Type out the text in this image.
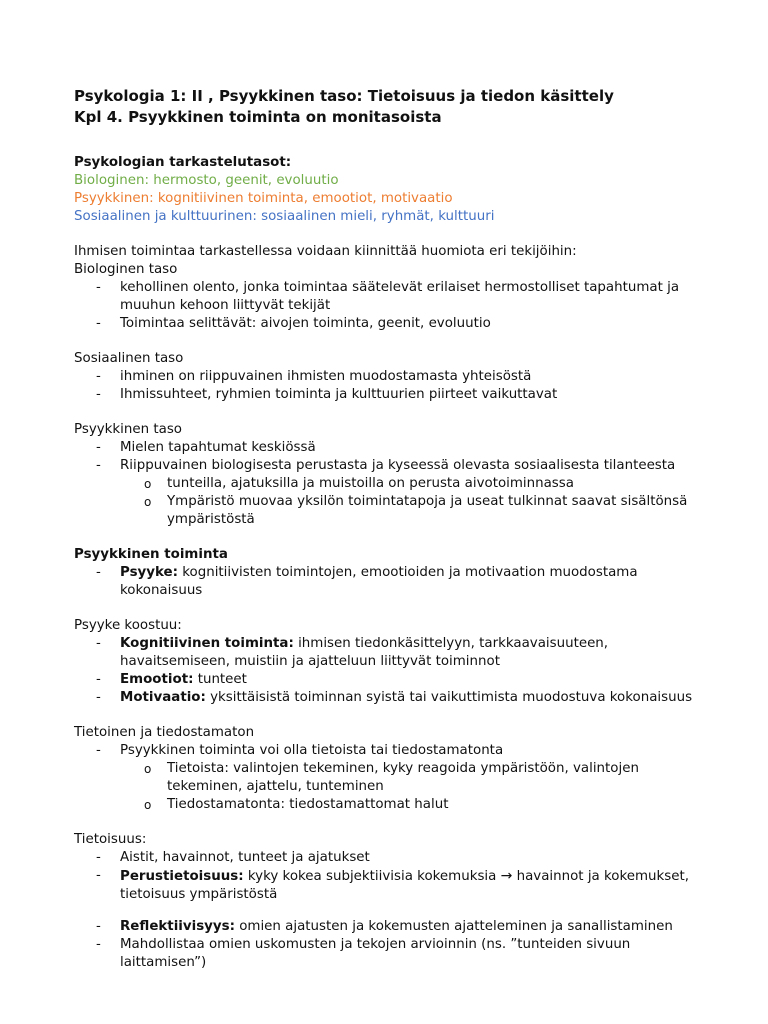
Psykologia 1: II , Psyykkinen taso: Tietoisuus ja tiedon käsittely
Kpl 4. Psyykkinen toiminta on monitasoista
Psykologian tarkastelutasot:
Biologinen: hermosto, geenit, evoluutio
Psyykkinen: kognitiivinen toiminta, emootiot, motivaatio
Sosiaalinen ja kulttuurinen: sosiaalinen mieli, ryhmät, kulttuuri
Ihmisen toimintaa tarkastellessa voidaan kiinnittää huomiota eri tekijöihin:
Biologinen taso
- kehollinen olento, jonka toimintaa säätelevät erilaiset hermostolliset tapahtumat ja muuhun kehoon liittyvät tekijät
- Toimintaa selittävät: aivojen toiminta, geenit, evoluutio
Sosiaalinen taso
- ihminen on riippuvainen ihmisten muodostamasta yhteisöstä
- Ihmissuhteet, ryhmien toiminta ja kulttuurien piirteet vaikuttavat
Psyykkinen taso
- Mielen tapahtumat keskiössä
- Riippuvainen biologisesta perustasta ja kyseessä olevasta sosiaalisesta tilanteesta
o tunteilla, ajatuksilla ja muistoilla on perusta aivotoiminnassa
o Ympäristö muovaa yksilön toimintatapoja ja useat tulkinnat saavat sisältönsä ympäristöstä
Psyykkinen toiminta
- Psyyke: kognitiivisten toimintojen, emootioiden ja motivaation muodostama kokonaisuus
Psyyke koostuu:
- Kognitiivinen toiminta: ihmisen tiedonkäsittelyyn, tarkkaavaisuuteen, havaitsemiseen, muistiin ja ajatteluun liittyvät toiminnot
- Emootiot: tunteet
- Motivaatio: yksittäisistä toiminnan syistä tai vaikuttimista muodostuva kokonaisuus
Tietoinen ja tiedostamaton
- Psyykkinen toiminta voi olla tietoista tai tiedostamatonta
o Tietoista: valintojen tekeminen, kyky reagoida ympäristöön, valintojen tekeminen, ajattelu, tunteminen
o Tiedostamatonta: tiedostamattomat halut
Tietoisuus:
- Aistit, havainnot, tunteet ja ajatukset
- Perustietoisuus: kyky kokea subjektiivisia kokemuksia → havainnot ja kokemukset, tietoisuus ympäristöstä
- Reflektiivisyys: omien ajatusten ja kokemusten ajatteleminen ja sanallistaminen
- Mahdollistaa omien uskomusten ja tekojen arvioinnin (ns. ”tunteiden sivuun laittamisen”)
